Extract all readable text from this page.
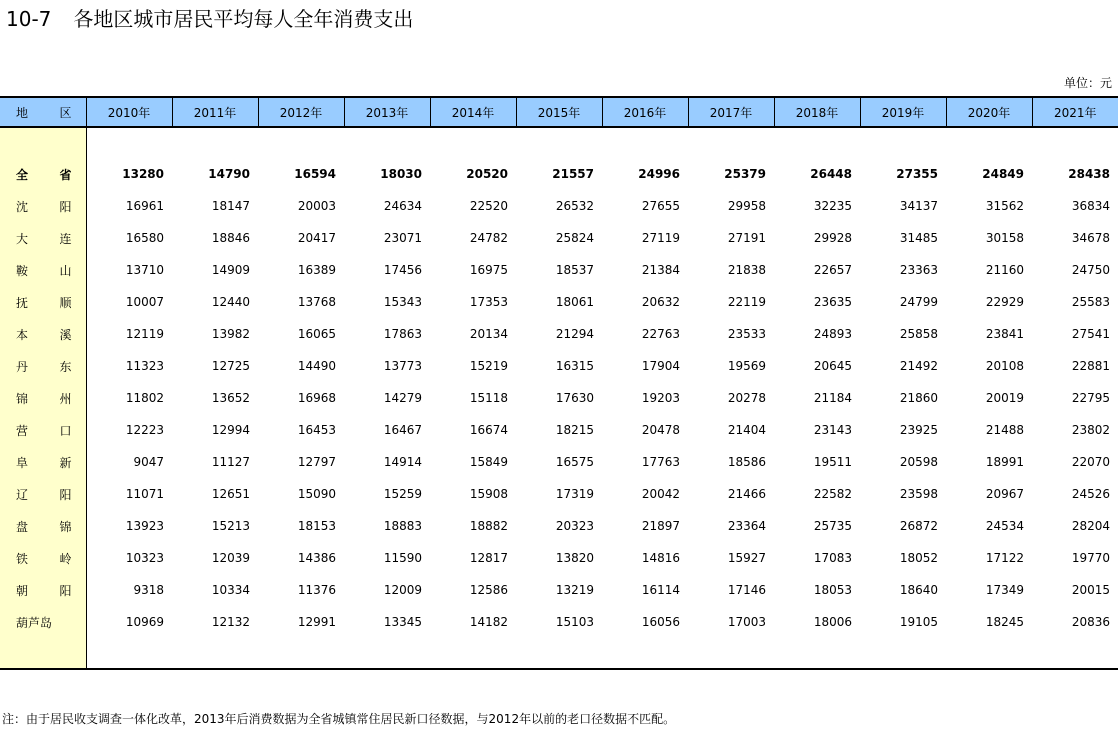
10-7 各地区城市居民平均每人全年消费支出
单位：元
地 区	2010年	2011年	2012年	2013年	2014年	2015年	2016年	2017年	2018年	2019年	2020年	2021年

全 省	13280	14790	16594	18030	20520	21557	24996	25379	26448	27355	24849	28438

沈 阳	16961	18147	20003	24634	22520	26532	27655	29958	32235	34137	31562	36834

大 连	16580	18846	20417	23071	24782	25824	27119	27191	29928	31485	30158	34678

鞍 山	13710	14909	16389	17456	16975	18537	21384	21838	22657	23363	21160	24750

抚 顺	10007	12440	13768	15343	17353	18061	20632	22119	23635	24799	22929	25583

本 溪	12119	13982	16065	17863	20134	21294	22763	23533	24893	25858	23841	27541

丹 东	11323	12725	14490	13773	15219	16315	17904	19569	20645	21492	20108	22881

锦 州	11802	13652	16968	14279	15118	17630	19203	20278	21184	21860	20019	22795

营 口	12223	12994	16453	16467	16674	18215	20478	21404	23143	23925	21488	23802

阜 新	9047	11127	12797	14914	15849	16575	17763	18586	19511	20598	18991	22070

辽 阳	11071	12651	15090	15259	15908	17319	20042	21466	22582	23598	20967	24526

盘 锦	13923	15213	18153	18883	18882	20323	21897	23364	25735	26872	24534	28204

铁 岭	10323	12039	14386	11590	12817	13820	14816	15927	17083	18052	17122	19770

朝 阳	9318	10334	11376	12009	12586	13219	16114	17146	18053	18640	17349	20015

葫芦岛	10969	12132	12991	13345	14182	15103	16056	17003	18006	19105	18245	20836

注：由于居民收支调查一体化改革，2013年后消费数据为全省城镇常住居民新口径数据，与2012年以前的老口径数据不匹配。
